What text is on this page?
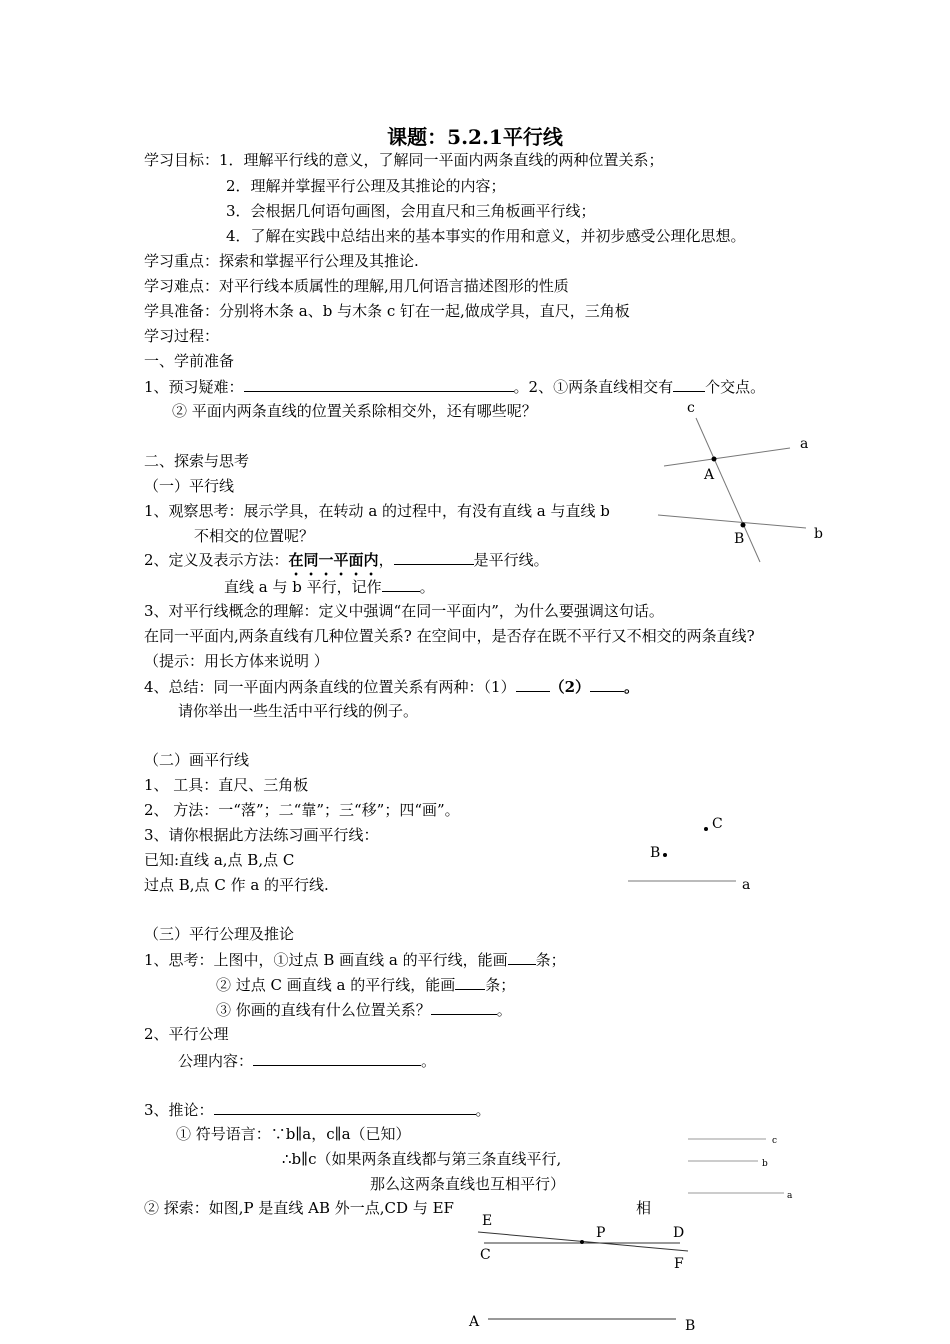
课题：5.2.1平行线
学习目标：1．理解平行线的意义，了解同一平面内两条直线的两种位置关系；
2．理解并掌握平行公理及其推论的内容；
3．会根据几何语句画图，会用直尺和三角板画平行线；
4．了解在实践中总结出来的基本事实的作用和意义，并初步感受公理化思想。
学习重点：探索和掌握平行公理及其推论.
学习难点：对平行线本质属性的理解,用几何语言描述图形的性质
学具准备：分别将木条 a、b 与木条 c 钉在一起,做成学具，直尺，三角板
学习过程：
一、学前准备
1、预习疑难：	。2、①两条直线相交有 个交点。
② 平面内两条直线的位置关系除相交外，还有哪些呢？
二、探索与思考
（一）平行线
1、观察思考：展示学具，在转动 a 的过程中，有没有直线 a 与直线 b
不相交的位置呢？
2、定义及表示方法：在同一平面内，	是平行线。
直线 a 与 b 平行，记作	。
3、对平行线概念的理解：定义中强调“在同一平面内”，为什么要强调这句话。
在同一平面内,两条直线有几种位置关系? 在空间中，是否存在既不平行又不相交的两条直线?
（提示：用长方体来说明 ）
4、总结：同一平面内两条直线的位置关系有两种：（1） （2） 。
请你举出一些生活中平行线的例子。
（二）画平行线
1、 工具：直尺、三角板
2、 方法：一“落”；二“靠”；三“移”；四“画”。
3、请你根据此方法练习画平行线：
已知:直线 a,点 B,点 C
过点 B,点 C 作 a 的平行线.
（三）平行公理及推论
1、思考：上图中，①过点 B 画直线 a 的平行线，能画 条；
② 过点 C 画直线 a 的平行线，能画 条；
③ 你画的直线有什么位置关系？	。
2、平行公理
公理内容：	。
3、推论：	。
① 符号语言：∵b∥a，c∥a（已知）
∴b∥c（如果两条直线都与第三条直线平行,
那么这两条直线也互相平行）
② 探索：如图,P 是直线 AB 外一点,CD 与 EF	相
c
a
A
b
B
C
B
a
c
b
a
E
P	D
C
F
A	B
